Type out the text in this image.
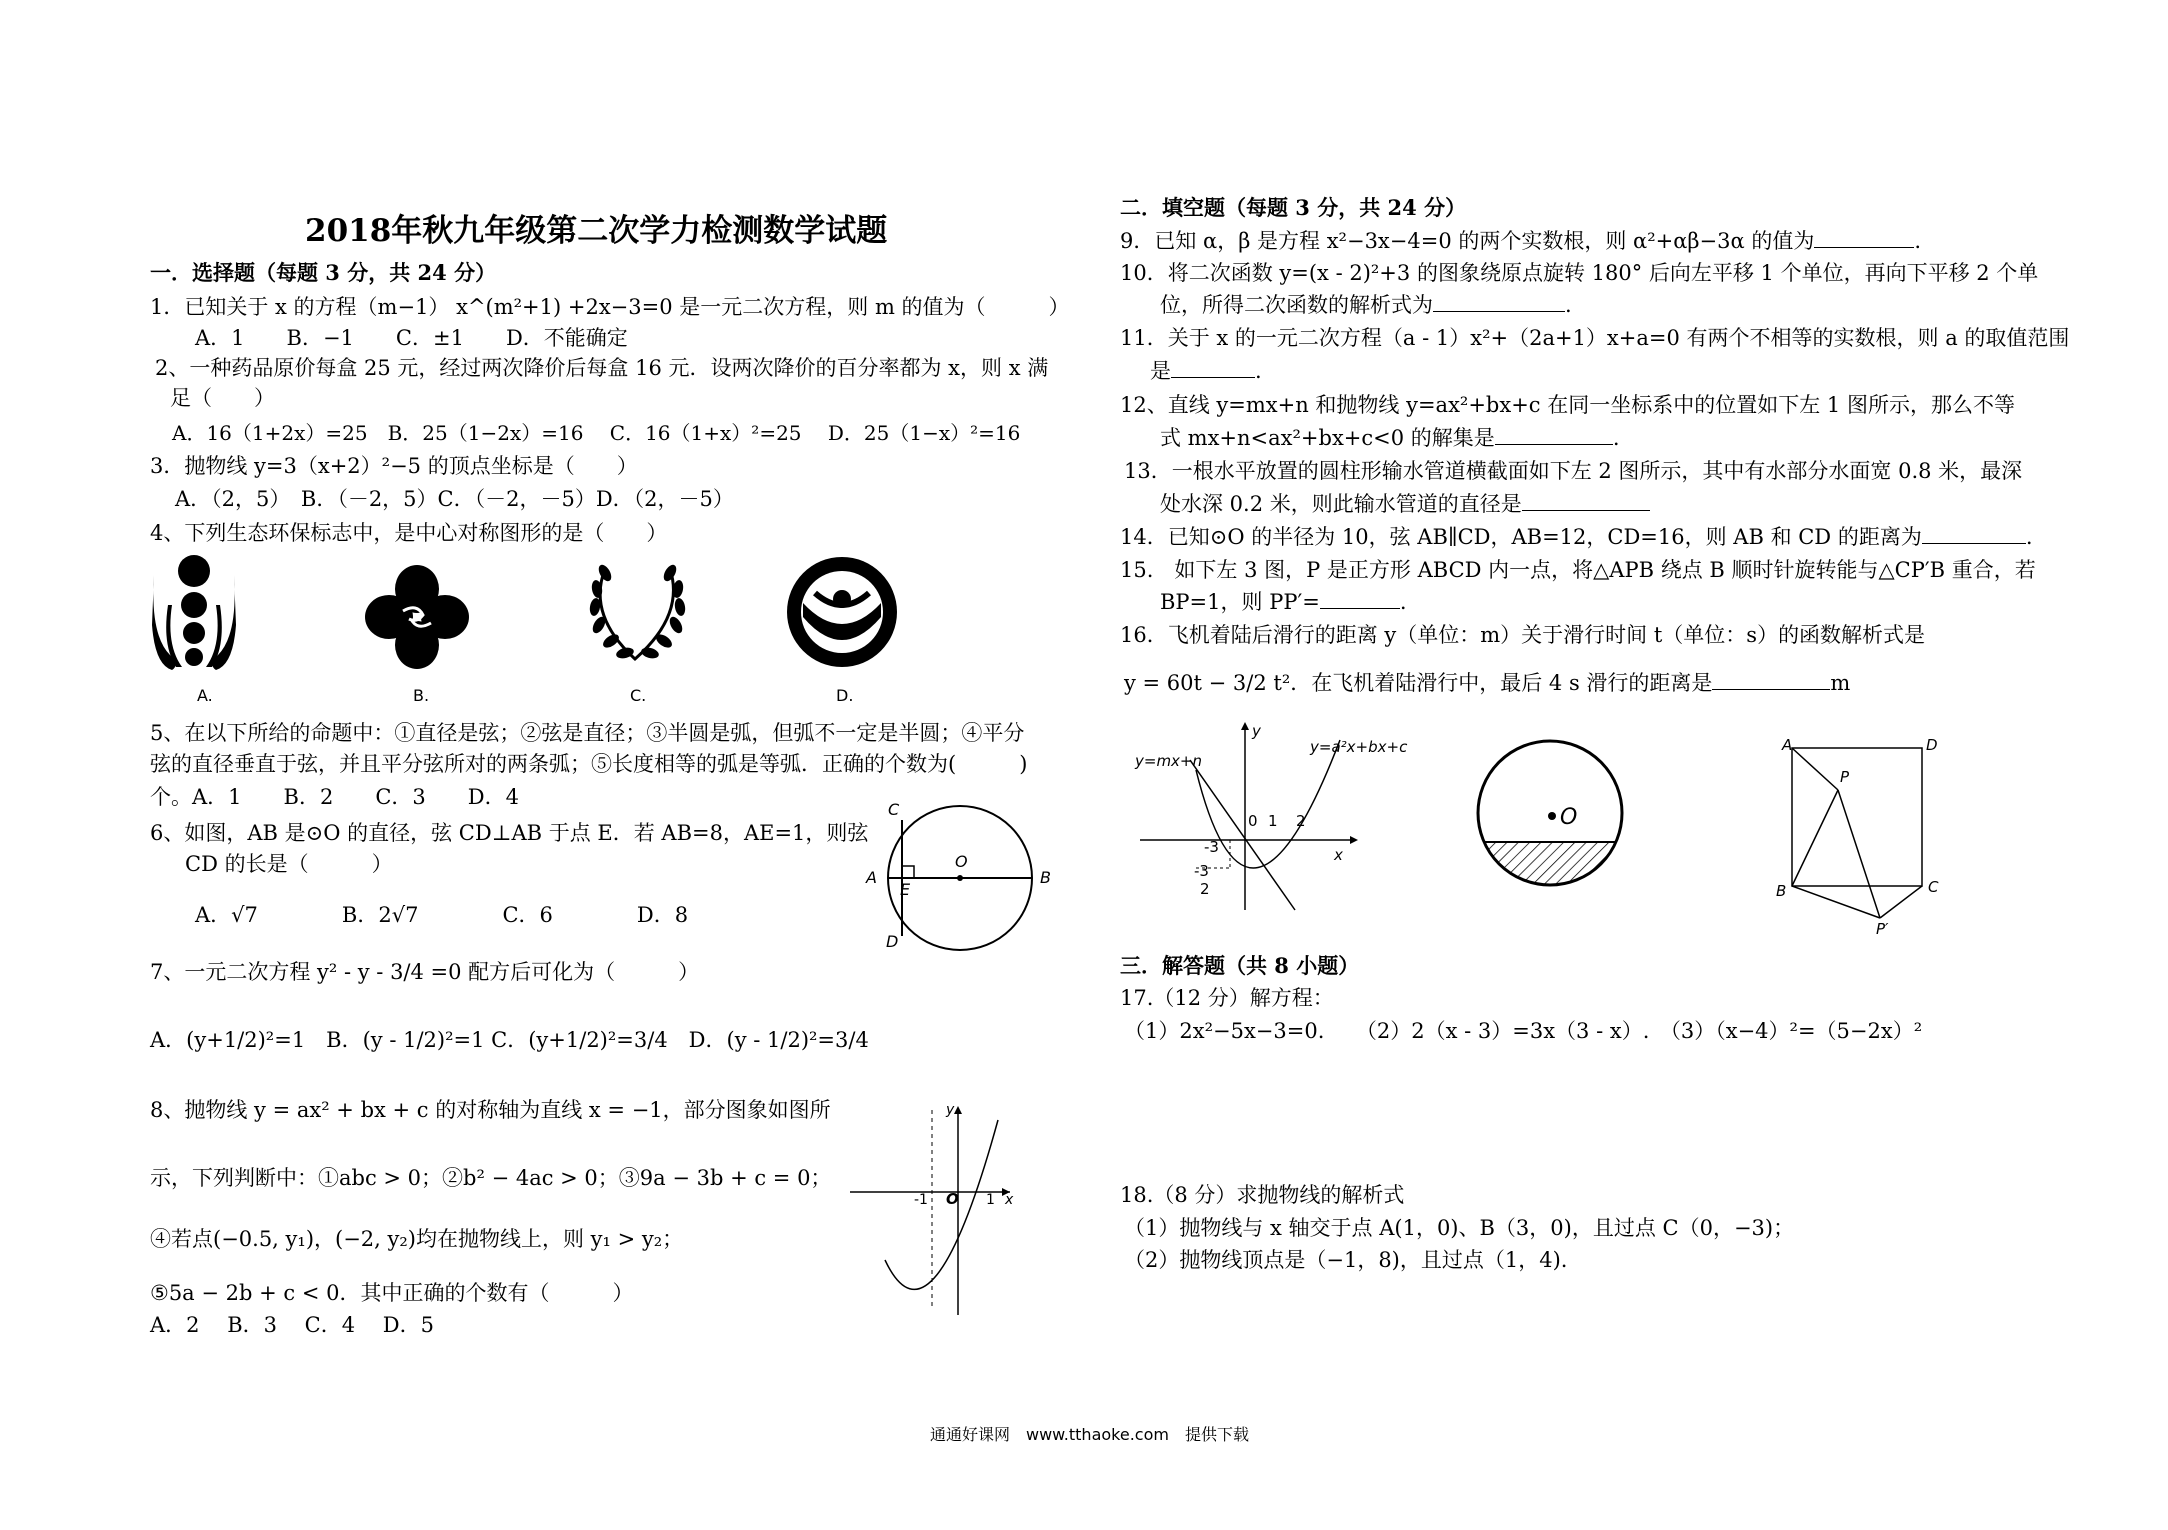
2018年秋九年级第二次学力检测数学试题
一．选择题（每题 3 分，共 24 分）
1．已知关于 x 的方程（m−1） x^(m²+1) +2x−3=0 是一元二次方程，则 m 的值为（　　　）
A．1　　B．−1　　C．±1　　D．不能确定
2、一种药品原价每盒 25 元，经过两次降价后每盒 16 元．设两次降价的百分率都为 x，则 x 满
足（　　）
A．16（1+2x）=25　B．25（1−2x）=16　 C．16（1+x）²=25　 D．25（1−x）²=16
3．抛物线 y=3（x+2）²−5 的顶点坐标是（　　）
A．（2，5）　B．（－2，5）C．（－2，－5）D．（2，－5）
4、下列生态环保标志中，是中心对称图形的是（　　）
A.	B.	C.	D.
5、在以下所给的命题中：①直径是弦；②弦是直径；③半圆是弧，但弧不一定是半圆；④平分
弦的直径垂直于弦，并且平分弦所对的两条弧；⑤长度相等的弧是等弧．正确的个数为(　　　)
个。A．1　　B．2　　C．3　　D．4
6、如图，AB 是⊙O 的直径，弦 CD⊥AB 于点 E．若 AB=8，AE=1，则弦
CD 的长是（　　　）
A．√7　　　　B．2√7　　　　C．6　　　　D．8
C
A
E
O
B
D
7、一元二次方程 y² - y - 3/4 =0 配方后可化为（　　　）
A．(y+1/2)²=1　B．(y - 1/2)²=1 C．(y+1/2)²=3/4　D．(y - 1/2)²=3/4
8、抛物线 y = ax² + bx + c 的对称轴为直线 x = −1，部分图象如图所
示，下列判断中：①abc > 0；②b² − 4ac > 0；③9a − 3b + c = 0；
④若点(−0.5, y₁)，(−2, y₂)均在抛物线上，则 y₁ > y₂；
⑤5a − 2b + c < 0．其中正确的个数有（　　　）
A．2　 B．3　 C．4　 D．5
y
x
O
-1	1
二．填空题（每题 3 分，共 24 分）
9．已知 α，β 是方程 x²−3x−4=0 的两个实数根，则 α²+αβ−3α 的值为	.
10．将二次函数 y=(x - 2)²+3 的图象绕原点旋转 180° 后向左平移 1 个单位，再向下平移 2 个单
位，所得二次函数的解析式为	.
11．关于 x 的一元二次方程（a - 1）x²+（2a+1）x+a=0 有两个不相等的实数根，则 a 的取值范围
是	.
12、直线 y=mx+n 和抛物线 y=ax²+bx+c 在同一坐标系中的位置如下左 1 图所示，那么不等
式 mx+n<ax²+bx+c<0 的解集是	.
13．一根水平放置的圆柱形输水管道横截面如下左 2 图所示，其中有水部分水面宽 0.8 米，最深
处水深 0.2 米，则此输水管道的直径是
14．已知⊙O 的半径为 10，弦 AB∥CD，AB=12，CD=16，则 AB 和 CD 的距离为	.
15.　如下左 3 图，P 是正方形 ABCD 内一点，将△APB 绕点 B 顺时针旋转能与△CP′B 重合，若
BP=1，则 PP′=	.
16．飞机着陆后滑行的距离 y（单位：m）关于滑行时间 t（单位：s）的函数解析式是
y = 60t − 3/2 t²．在飞机着陆滑行中，最后 4 s 滑行的距离是	m
y=mx+n
y=a²x+bx+c
y
x
0 1 2
-3
-3
2
O
A
P
D
B	C
P′
三．解答题（共 8 小题）
17.（12 分）解方程：
（1）2x²−5x−3=0.　　（2）2（x - 3）=3x（3 - x）.　（3）（x−4）²=（5−2x）²
18.（8 分）求抛物线的解析式
（1）抛物线与 x 轴交于点 A(1，0)、B（3，0)，且过点 C（0，−3)；
（2）抛物线顶点是（−1，8)，且过点（1，4).
通通好课网　www.tthaoke.com　提供下载
